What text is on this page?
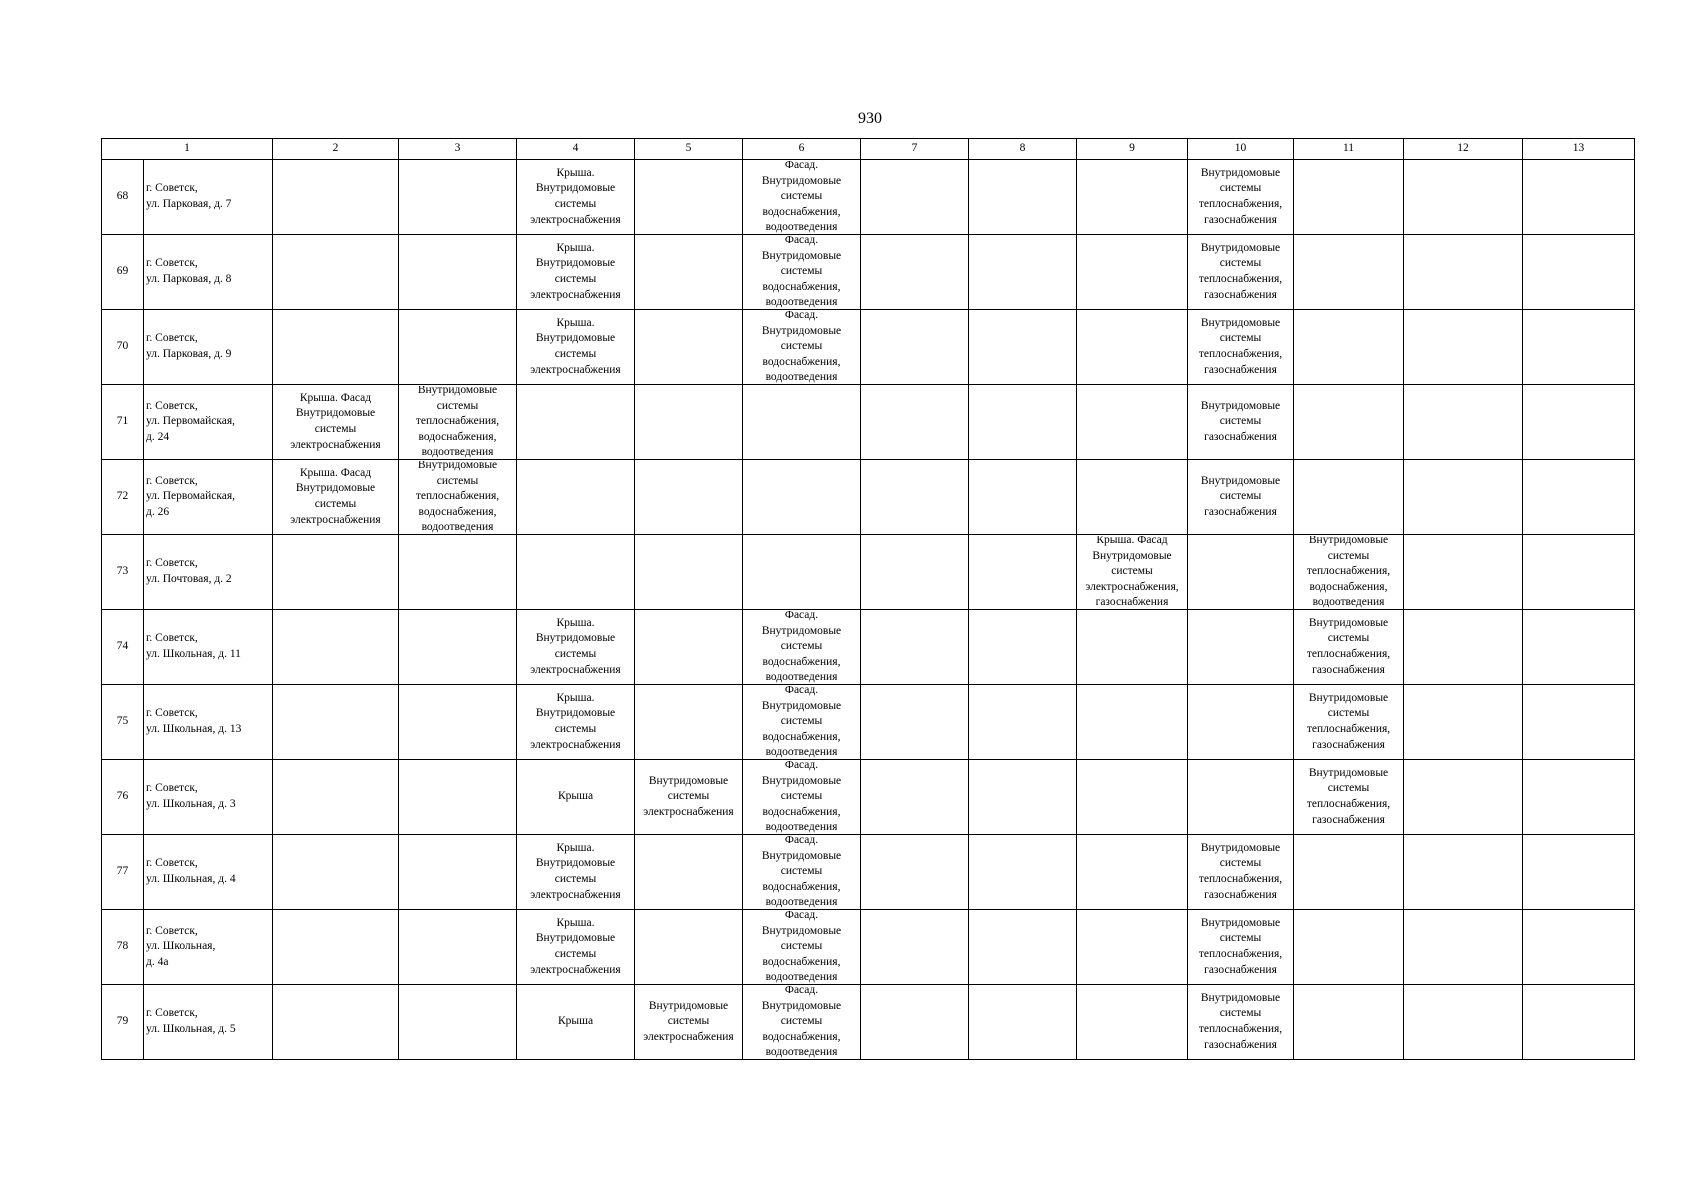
930
1		2	3	4	5	6	7	8	9	10	11	12	13
68	г. Советск,
ул. Парковая, д. 7			Крыша.
Внутридомовые
системы
электроснабжения		Фасад.
Внутридомовые
системы
водоснабжения,
водоотведения				Внутридомовые
системы
теплоснабжения,
газоснабжения			

69	г. Советск,
ул. Парковая, д. 8			Крыша.
Внутридомовые
системы
электроснабжения		Фасад.
Внутридомовые
системы
водоснабжения,
водоотведения				Внутридомовые
системы
теплоснабжения,
газоснабжения			

70	г. Советск,
ул. Парковая, д. 9			Крыша.
Внутридомовые
системы
электроснабжения		Фасад.
Внутридомовые
системы
водоснабжения,
водоотведения				Внутридомовые
системы
теплоснабжения,
газоснабжения			

71	г. Советск,
ул. Первомайская,
д. 24	Крыша. Фасад
Внутридомовые
системы
электроснабжения	Внутридомовые
системы
теплоснабжения,
водоснабжения,
водоотведения							Внутридомовые
системы
газоснабжения			

72	г. Советск,
ул. Первомайская,
д. 26	Крыша. Фасад
Внутридомовые
системы
электроснабжения	Внутридомовые
системы
теплоснабжения,
водоснабжения,
водоотведения							Внутридомовые
системы
газоснабжения			

73	г. Советск,
ул. Почтовая, д. 2								Крыша. Фасад
Внутридомовые
системы
электроснабжения,
газоснабжения		Внутридомовые
системы
теплоснабжения,
водоснабжения,
водоотведения		

74	г. Советск,
ул. Школьная, д. 11			Крыша.
Внутридомовые
системы
электроснабжения		Фасад.
Внутридомовые
системы
водоснабжения,
водоотведения					Внутридомовые
системы
теплоснабжения,
газоснабжения		

75	г. Советск,
ул. Школьная, д. 13			Крыша.
Внутридомовые
системы
электроснабжения		Фасад.
Внутридомовые
системы
водоснабжения,
водоотведения					Внутридомовые
системы
теплоснабжения,
газоснабжения		

76	г. Советск,
ул. Школьная, д. 3			Крыша	Внутридомовые
системы
электроснабжения	Фасад.
Внутридомовые
системы
водоснабжения,
водоотведения					Внутридомовые
системы
теплоснабжения,
газоснабжения		

77	г. Советск,
ул. Школьная, д. 4			Крыша.
Внутридомовые
системы
электроснабжения		Фасад.
Внутридомовые
системы
водоснабжения,
водоотведения				Внутридомовые
системы
теплоснабжения,
газоснабжения			

78	г. Советск,
ул. Школьная,
д. 4а			Крыша.
Внутридомовые
системы
электроснабжения		Фасад.
Внутридомовые
системы
водоснабжения,
водоотведения				Внутридомовые
системы
теплоснабжения,
газоснабжения			

79	г. Советск,
ул. Школьная, д. 5			Крыша	Внутридомовые
системы
электроснабжения	Фасад.
Внутридомовые
системы
водоснабжения,
водоотведения				Внутридомовые
системы
теплоснабжения,
газоснабжения			
